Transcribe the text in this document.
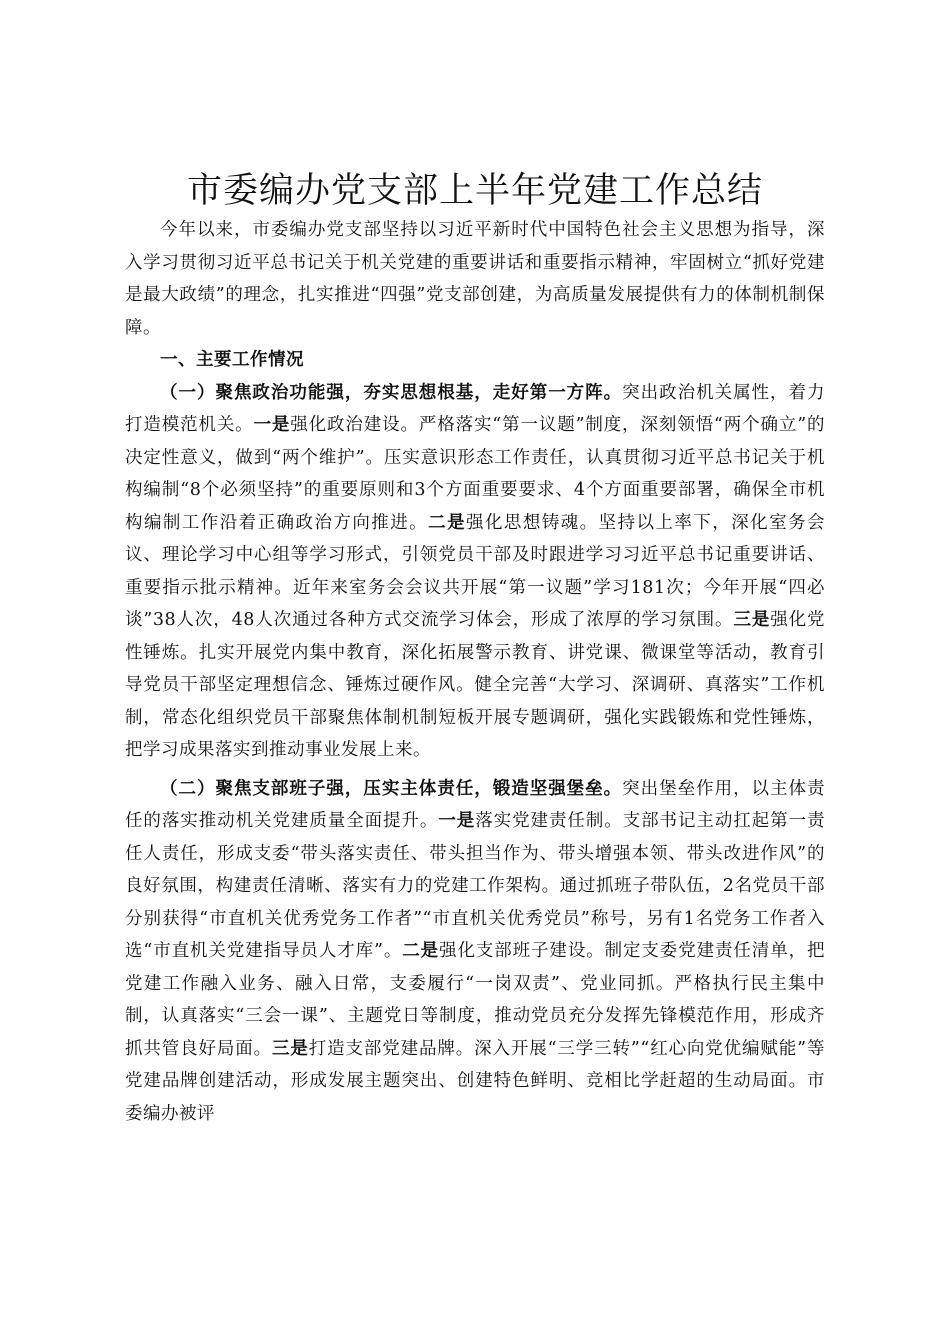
市委编办党支部上半年党建工作总结

今年以来，市委编办党支部坚持以习近平新时代中国特色社会主义思想为指导，深入学习贯彻习近平总书记关于机关党建的重要讲话和重要指示精神，牢固树立“抓好党建是最大政绩”的理念，扎实推进“四强”党支部创建，为高质量发展提供有力的体制机制保障。

一、主要工作情况

（一）聚焦政治功能强，夯实思想根基，走好第一方阵。突出政治机关属性，着力打造模范机关。一是强化政治建设。严格落实“第一议题”制度，深刻领悟“两个确立”的决定性意义，做到“两个维护”。压实意识形态工作责任，认真贯彻习近平总书记关于机构编制“8个必须坚持”的重要原则和3个方面重要要求、4个方面重要部署，确保全市机构编制工作沿着正确政治方向推进。二是强化思想铸魂。坚持以上率下，深化室务会议、理论学习中心组等学习形式，引领党员干部及时跟进学习习近平总书记重要讲话、重要指示批示精神。近年来室务会会议共开展“第一议题”学习181次；今年开展“四必谈”38人次，48人次通过各种方式交流学习体会，形成了浓厚的学习氛围。三是强化党性锤炼。扎实开展党内集中教育，深化拓展警示教育、讲党课、微课堂等活动，教育引导党员干部坚定理想信念、锤炼过硬作风。健全完善“大学习、深调研、真落实”工作机制，常态化组织党员干部聚焦体制机制短板开展专题调研，强化实践锻炼和党性锤炼，把学习成果落实到推动事业发展上来。

（二）聚焦支部班子强，压实主体责任，锻造坚强堡垒。突出堡垒作用，以主体责任的落实推动机关党建质量全面提升。一是落实党建责任制。支部书记主动扛起第一责任人责任，形成支委“带头落实责任、带头担当作为、带头增强本领、带头改进作风”的良好氛围，构建责任清晰、落实有力的党建工作架构。通过抓班子带队伍，2名党员干部分别获得“市直机关优秀党务工作者”“市直机关优秀党员”称号，另有1名党务工作者入选“市直机关党建指导员人才库”。二是强化支部班子建设。制定支委党建责任清单，把党建工作融入业务、融入日常，支委履行“一岗双责”、党业同抓。严格执行民主集中制，认真落实“三会一课”、主题党日等制度，推动党员充分发挥先锋模范作用，形成齐抓共管良好局面。三是打造支部党建品牌。深入开展“三学三转”“红心向党优编赋能”等党建品牌创建活动，形成发展主题突出、创建特色鲜明、竞相比学赶超的生动局面。市委编办被评
